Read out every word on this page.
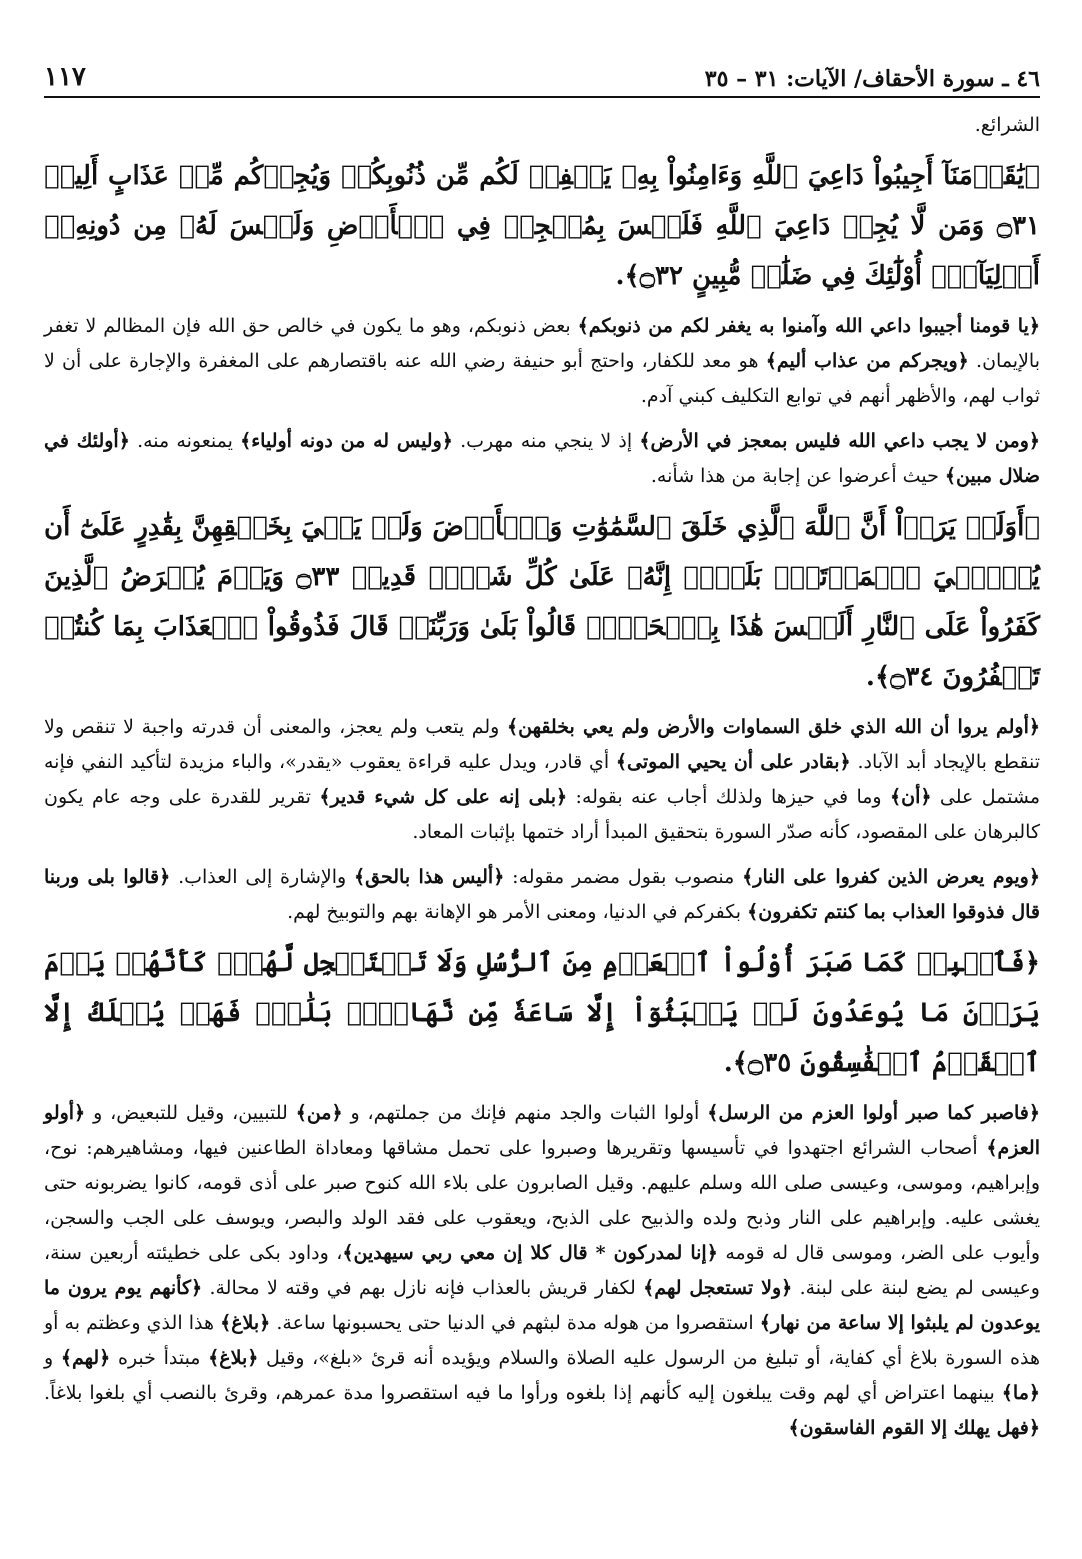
٤٦ ـ سورة الأحقاف/ الآيات: ٣١ – ٣٥
١١٧

الشرائع.

﴿يَٰقَوۡمَنَآ أَجِيبُواْ دَاعِيَ ٱللَّهِ وَءَامِنُواْ بِهِۦ يَغۡفِرۡ لَكُم مِّن ذُنُوبِكُمۡ وَيُجِرۡكُم مِّنۡ عَذَابٍ أَلِيمٖ ۝٣١ وَمَن لَّا يُجِبۡ دَاعِيَ ٱللَّهِ فَلَيۡسَ بِمُعۡجِزٖ فِي ٱلۡأَرۡضِ وَلَيۡسَ لَهُۥ مِن دُونِهِۦٓ أَوۡلِيَآءُۚ أُوْلَٰٓئِكَ فِي ضَلَٰلٖ مُّبِينٍ ۝٣٢﴾.

﴿يا قومنا أجيبوا داعي الله وآمنوا به يغفر لكم من ذنوبكم﴾ بعض ذنوبكم، وهو ما يكون في خالص حق الله فإن المظالم لا تغفر بالإيمان. ﴿ويجركم من عذاب أليم﴾ هو معد للكفار، واحتج أبو حنيفة رضي الله عنه باقتصارهم على المغفرة والإجارة على أن لا ثواب لهم، والأظهر أنهم في توابع التكليف كبني آدم.

﴿ومن لا يجب داعي الله فليس بمعجز في الأرض﴾ إذ لا ينجي منه مهرب. ﴿وليس له من دونه أولياء﴾ يمنعونه منه. ﴿أولئك في ضلال مبين﴾ حيث أعرضوا عن إجابة من هذا شأنه.

﴿أَوَلَمۡ يَرَوۡاْ أَنَّ ٱللَّهَ ٱلَّذِي خَلَقَ ٱلسَّمَٰوَٰتِ وَٱلۡأَرۡضَ وَلَمۡ يَعۡيَ بِخَلۡقِهِنَّ بِقَٰدِرٍ عَلَىٰٓ أَن يُحۡـِۧيَ ٱلۡمَوۡتَىٰۚ بَلَىٰٓۚ إِنَّهُۥ عَلَىٰ كُلِّ شَيۡءٖ قَدِيرٞ ۝٣٣ وَيَوۡمَ يُعۡرَضُ ٱلَّذِينَ كَفَرُواْ عَلَى ٱلنَّارِ أَلَيۡسَ هَٰذَا بِٱلۡحَقِّۖ قَالُواْ بَلَىٰ وَرَبِّنَاۚ قَالَ فَذُوقُواْ ٱلۡعَذَابَ بِمَا كُنتُمۡ تَكۡفُرُونَ ۝٣٤﴾.

﴿أولم يروا أن الله الذي خلق السماوات والأرض ولم يعي بخلقهن﴾ ولم يتعب ولم يعجز، والمعنى أن قدرته واجبة لا تنقص ولا تنقطع بالإيجاد أبد الآباد. ﴿بقادر على أن يحيي الموتى﴾ أي قادر، ويدل عليه قراءة يعقوب «يقدر»، والباء مزيدة لتأكيد النفي فإنه مشتمل على ﴿أن﴾ وما في حيزها ولذلك أجاب عنه بقوله: ﴿بلى إنه على كل شيء قدير﴾ تقرير للقدرة على وجه عام يكون كالبرهان على المقصود، كأنه صدّر السورة بتحقيق المبدأ أراد ختمها بإثبات المعاد.

﴿ويوم يعرض الذين كفروا على النار﴾ منصوب بقول مضمر مقوله: ﴿أليس هذا بالحق﴾ والإشارة إلى العذاب. ﴿قالوا بلى وربنا قال فذوقوا العذاب بما كنتم تكفرون﴾ بكفركم في الدنيا، ومعنى الأمر هو الإهانة بهم والتوبيخ لهم.

﴿فَٱصۡبِرۡ كَمَا صَبَرَ أُوْلُواْ ٱلۡعَزۡمِ مِنَ ٱلرُّسُلِ وَلَا تَسۡتَعۡجِل لَّهُمۡۚ كَأَنَّهُمۡ يَوۡمَ يَرَوۡنَ مَا يُوعَدُونَ لَمۡ يَلۡبَثُوٓاْ إِلَّا سَاعَةٗ مِّن نَّهَارِۭۚ بَلَٰغٞۚ فَهَلۡ يُهۡلَكُ إِلَّا ٱلۡقَوۡمُ ٱلۡفَٰسِقُونَ ۝٣٥﴾.

﴿فاصبر كما صبر أولوا العزم من الرسل﴾ أولوا الثبات والجد منهم فإنك من جملتهم، و ﴿من﴾ للتبيين، وقيل للتبعيض، و ﴿أولو العزم﴾ أصحاب الشرائع اجتهدوا في تأسيسها وتقريرها وصبروا على تحمل مشاقها ومعاداة الطاعنين فيها، ومشاهيرهم: نوح، وإبراهيم، وموسى، وعيسى صلى الله وسلم عليهم. وقيل الصابرون على بلاء الله كنوح صبر على أذى قومه، كانوا يضربونه حتى يغشى عليه. وإبراهيم على النار وذبح ولده والذبيح على الذبح، ويعقوب على فقد الولد والبصر، ويوسف على الجب والسجن، وأيوب على الضر، وموسى قال له قومه ﴿إنا لمدركون * قال كلا إن معي ربي سيهدين﴾، وداود بكى على خطيئته أربعين سنة، وعيسى لم يضع لبنة على لبنة. ﴿ولا تستعجل لهم﴾ لكفار قريش بالعذاب فإنه نازل بهم في وقته لا محالة. ﴿كأنهم يوم يرون ما يوعدون لم يلبثوا إلا ساعة من نهار﴾ استقصروا من هوله مدة لبثهم في الدنيا حتى يحسبونها ساعة. ﴿بلاغ﴾ هذا الذي وعظتم به أو هذه السورة بلاغ أي كفاية، أو تبليغ من الرسول عليه الصلاة والسلام ويؤيده أنه قرئ «بلغ»، وقيل ﴿بلاغ﴾ مبتدأ خبره ﴿لهم﴾ و ﴿ما﴾ بينهما اعتراض أي لهم وقت يبلغون إليه كأنهم إذا بلغوه ورأوا ما فيه استقصروا مدة عمرهم، وقرئ بالنصب أي بلغوا بلاغاً. ﴿فهل يهلك إلا القوم الفاسقون﴾
